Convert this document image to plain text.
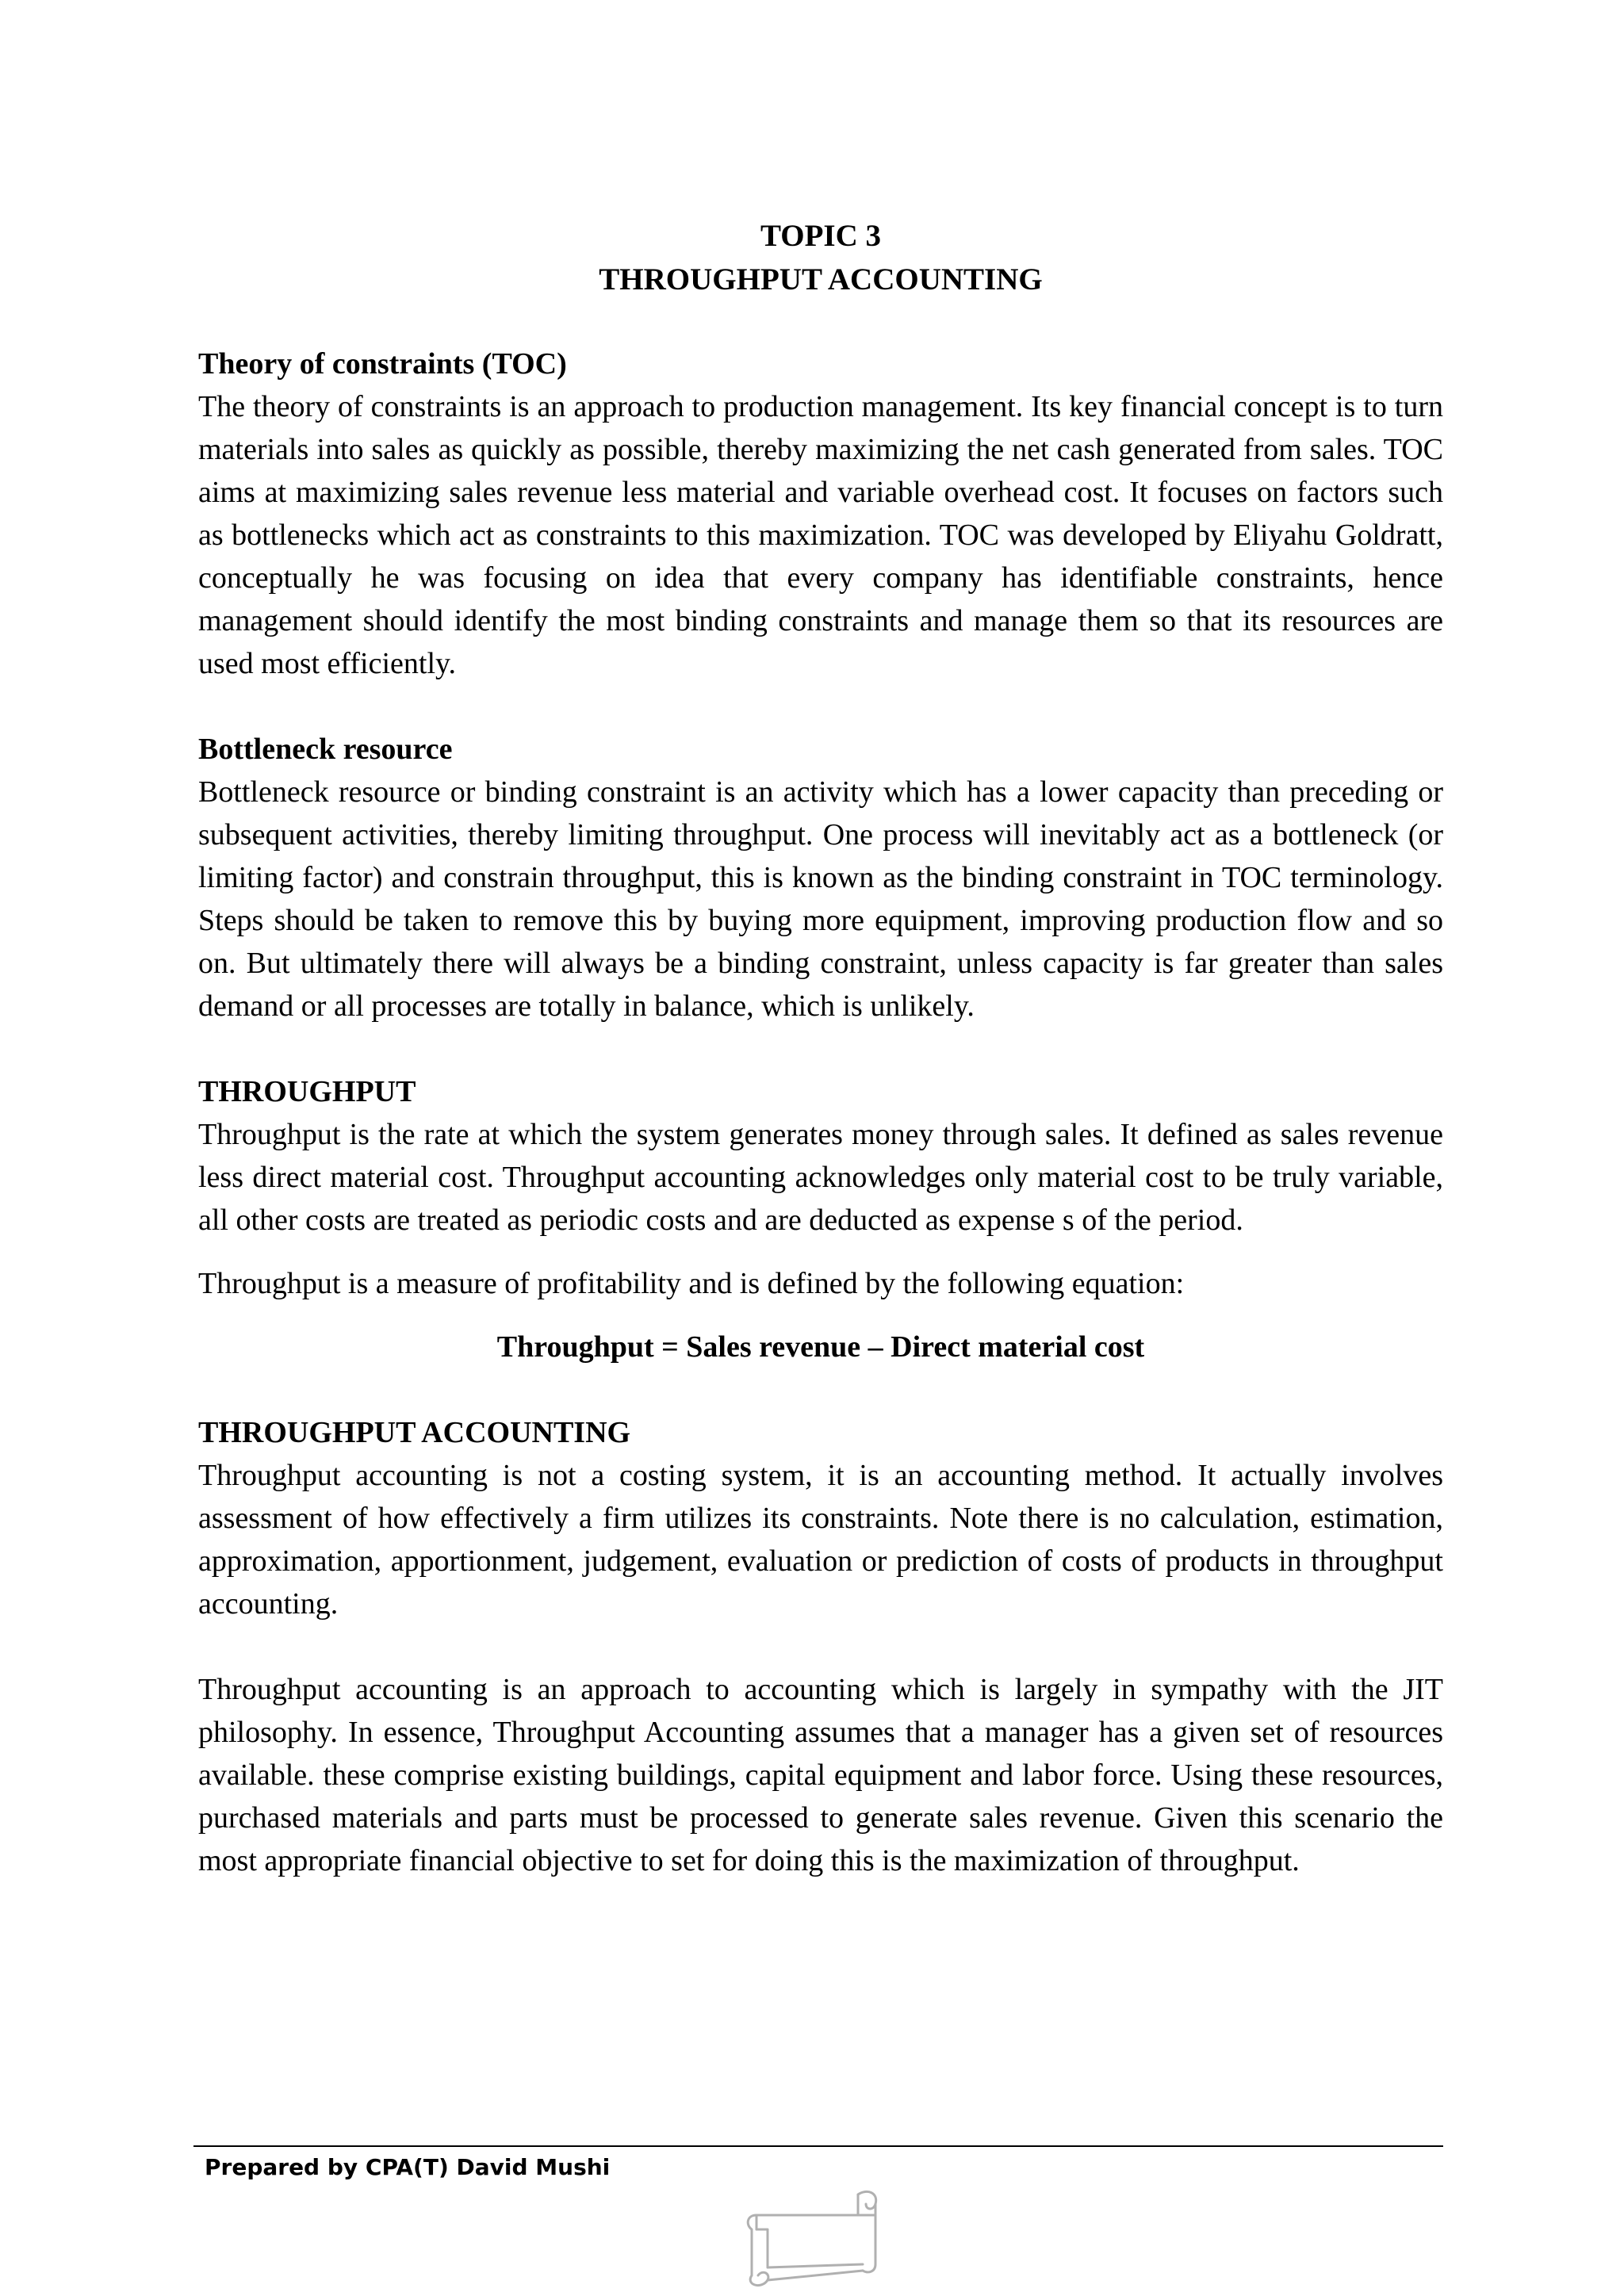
TOPIC 3

THROUGHPUT ACCOUNTING

Theory of constraints (TOC)

The theory of constraints is an approach to production management. Its key financial concept is to turn materials into sales as quickly as possible, thereby maximizing the net cash generated from sales. TOC aims at maximizing sales revenue less material and variable overhead cost. It focuses on factors such as bottlenecks which act as constraints to this maximization. TOC was developed by Eliyahu Goldratt, conceptually he was focusing on idea that every company has identifiable constraints, hence management should identify the most binding constraints and manage them so that its resources are used most efficiently.

Bottleneck resource

Bottleneck resource or binding constraint is an activity which has a lower capacity than preceding or subsequent activities, thereby limiting throughput. One process will inevitably act as a bottleneck (or limiting factor) and constrain throughput, this is known as the binding constraint in TOC terminology. Steps should be taken to remove this by buying more equipment, improving production flow and so on. But ultimately there will always be a binding constraint, unless capacity is far greater than sales demand or all processes are totally in balance, which is unlikely.

THROUGHPUT

Throughput is the rate at which the system generates money through sales. It defined as sales revenue less direct material cost. Throughput accounting acknowledges only material cost to be truly variable, all other costs are treated as periodic costs and are deducted as expense s of the period.

Throughput is a measure of profitability and is defined by the following equation:

Throughput = Sales revenue – Direct material cost

THROUGHPUT ACCOUNTING

Throughput accounting is not a costing system, it is an accounting method. It actually involves assessment of how effectively a firm utilizes its constraints. Note there is no calculation, estimation, approximation, apportionment, judgement, evaluation or prediction of costs of products in throughput accounting.

Throughput accounting is an approach to accounting which is largely in sympathy with the JIT philosophy. In essence, Throughput Accounting assumes that a manager has a given set of resources available. these comprise existing buildings, capital equipment and labor force. Using these resources, purchased materials and parts must be processed to generate sales revenue. Given this scenario the most appropriate financial objective to set for doing this is the maximization of throughput.

Prepared by CPA(T) David Mushi
